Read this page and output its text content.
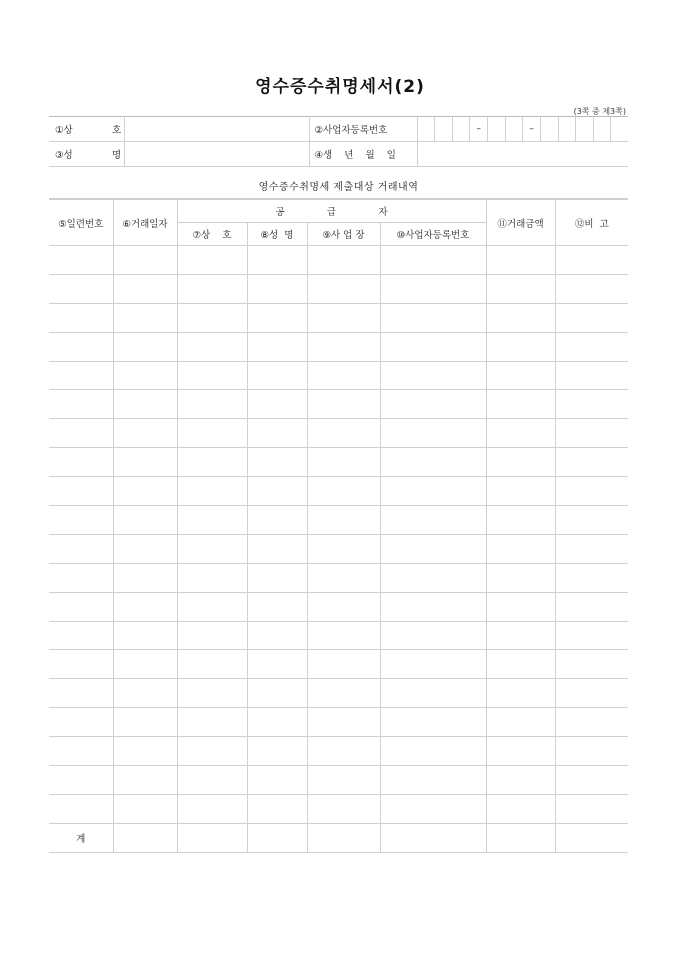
영수증수취명세서(2)
(3쪽 중 제3쪽)
①상             호		②사업자등록번호	– –

③성             명		④생    년    월    일	
영수증수취명세 제출대상 거래내역
⑤일련번호	⑥거래일자	공              급              자				⑪거래금액	⑫비  고
		⑦상    호	⑧성  명	⑨사 업 장	⑩사업자등록번호		

계							
